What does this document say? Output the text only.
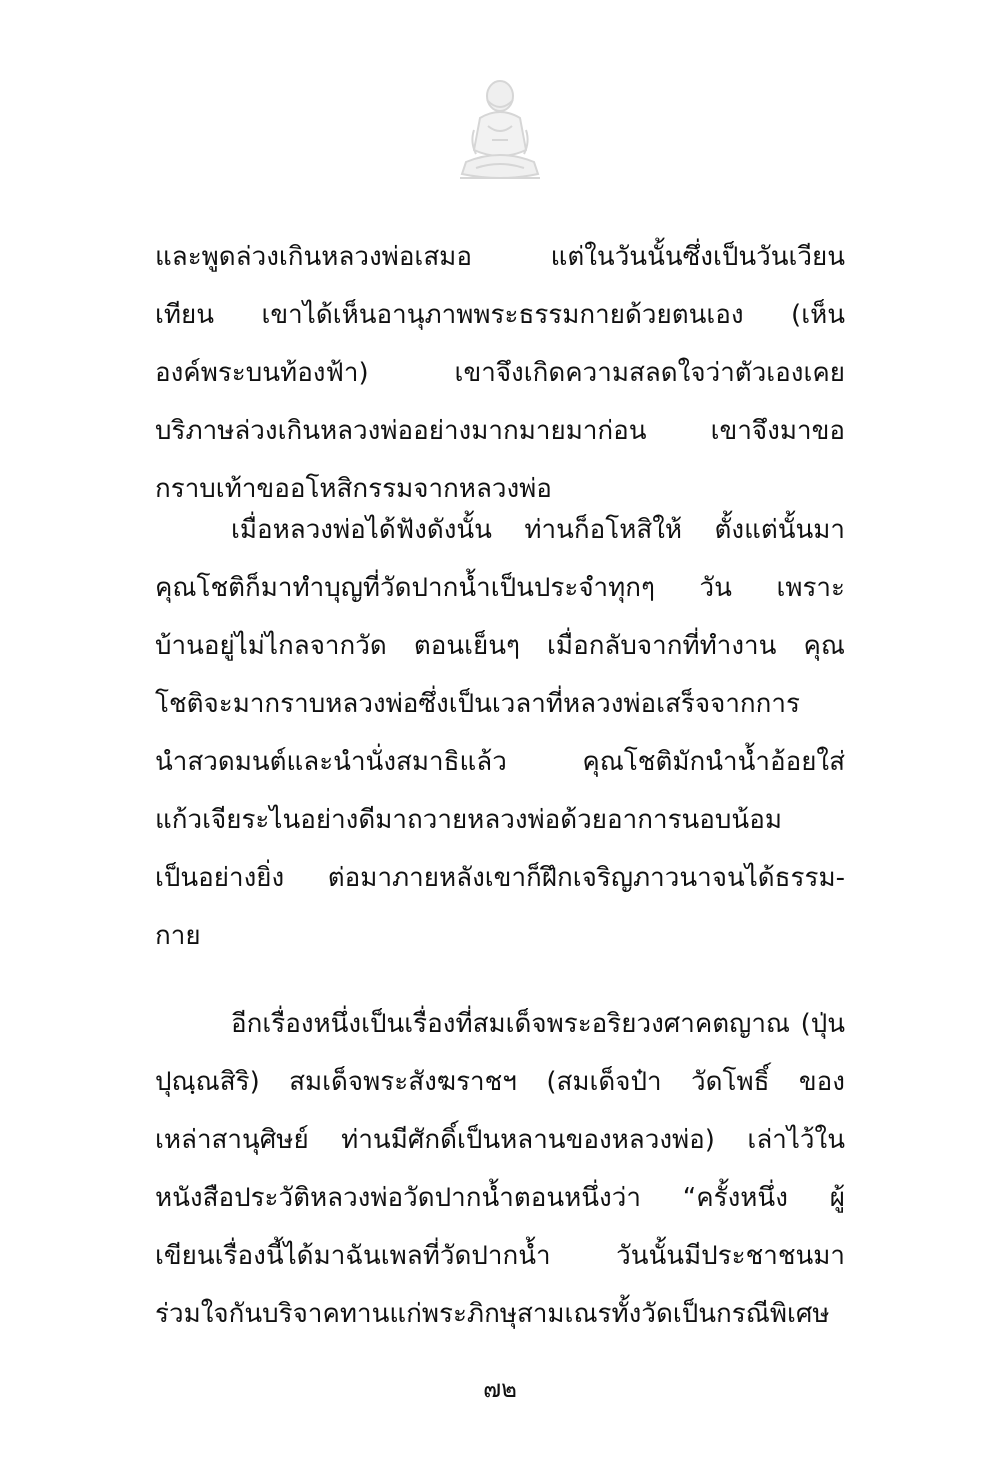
และพูดล่วงเกินหลวงพ่อเสมอ แต่ในวันนั้นซึ่งเป็นวันเวียน
เทียน เขาได้เห็นอานุภาพพระธรรมกายด้วยตนเอง (เห็น
องค์พระบนท้องฟ้า) เขาจึงเกิดความสลดใจว่าตัวเองเคย
บริภาษล่วงเกินหลวงพ่ออย่างมากมายมาก่อน เขาจึงมาขอ
กราบเท้าขออโหสิกรรมจากหลวงพ่อ
เมื่อหลวงพ่อได้ฟังดังนั้น ท่านก็อโหสิให้ ตั้งแต่นั้นมา
คุณโชติก็มาทำบุญที่วัดปากน้ำเป็นประจำทุกๆ วัน เพราะ
บ้านอยู่ไม่ไกลจากวัด ตอนเย็นๆ เมื่อกลับจากที่ทำงาน คุณ
โชติจะมากราบหลวงพ่อซึ่งเป็นเวลาที่หลวงพ่อเสร็จจากการ
นำสวดมนต์และนำนั่งสมาธิแล้ว คุณโชติมักนำน้ำอ้อยใส่
แก้วเจียระไนอย่างดีมาถวายหลวงพ่อด้วยอาการนอบน้อม
เป็นอย่างยิ่ง ต่อมาภายหลังเขาก็ฝึกเจริญภาวนาจนได้ธรรม-
กาย
อีกเรื่องหนึ่งเป็นเรื่องที่สมเด็จพระอริยวงศาคตญาณ (ปุ่น
ปุณฺณสิริ) สมเด็จพระสังฆราชฯ (สมเด็จป๋า วัดโพธิ์ ของ
เหล่าสานุศิษย์ ท่านมีศักดิ์เป็นหลานของหลวงพ่อ) เล่าไว้ใน
หนังสือประวัติหลวงพ่อวัดปากน้ำตอนหนึ่งว่า “ครั้งหนึ่ง ผู้
เขียนเรื่องนี้ได้มาฉันเพลที่วัดปากน้ำ วันนั้นมีประชาชนมา
ร่วมใจกันบริจาคทานแก่พระภิกษุสามเณรทั้งวัดเป็นกรณีพิเศษ
๗๒
